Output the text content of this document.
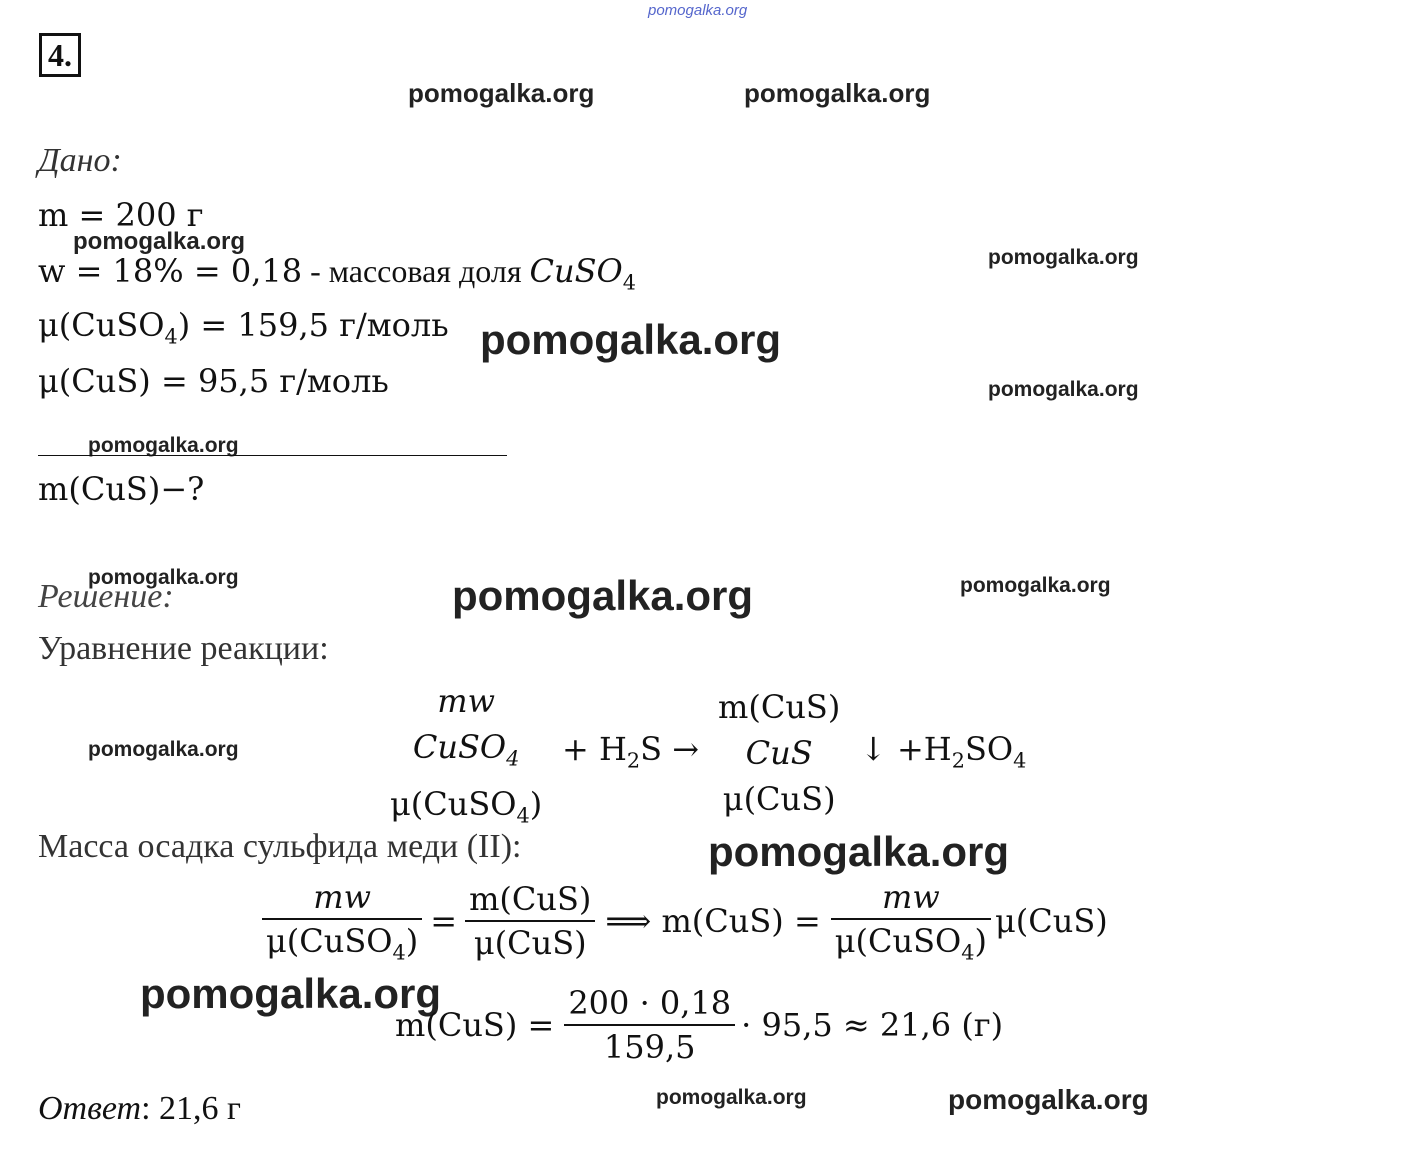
pomogalka.org
4.
pomogalka.org	pomogalka.org
Дано:
m = 200 г
pomogalka.org
w = 18% = 0,18 - массовая доля CuSO$_4$
pomogalka.org
μ(CuSO$_4$) = 159,5 г/моль pomogalka.org
μ(CuS) = 95,5 г/моль	pomogalka.org
pomogalka.org
m(CuS)−?
pomogalka.org
Решение:	pomogalka.org	pomogalka.org
Уравнение реакции:
pomogalka.org
mw
CuSO$_4$
μ(CuSO$_4$)
+ $H_2S$ →
m(CuS)
CuS
μ(CuS)
↓ $+H_2SO_4$
Масса осадка сульфида меди (II):	pomogalka.org
$\frac{mw}{\mu(CuSO_4)} = \frac{\text{m(CuS)}}{\text{μ(CuS)}}$ ⟹ $m(CuS) = \frac{mw}{\mu(CuSO_4)} \mu(CuS)$
pomogalka.org
$m(CuS) = \frac{200 \cdot 0,18}{159,5} \cdot 95,5 \approx 21,6$ (г)
Ответ: 21,6 г	pomogalka.org	pomogalka.org
